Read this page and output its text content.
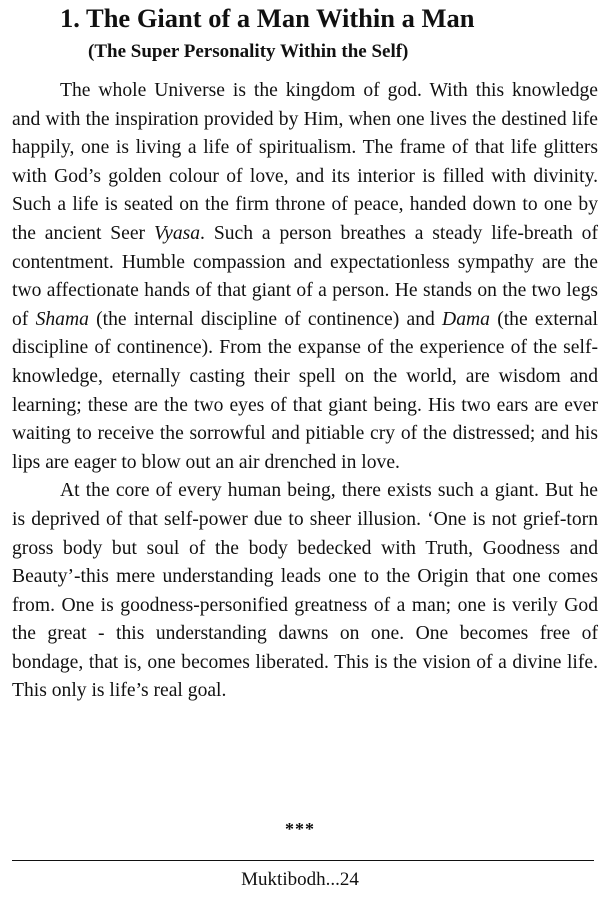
1. The Giant of a Man Within a Man
(The Super Personality Within the Self)

The whole Universe is the kingdom of god. With this knowledge and with the inspiration provided by Him, when one lives the destined life happily, one is living a life of spiritualism. The frame of that life glitters with God’s golden colour of love, and its interior is filled with divinity. Such a life is seated on the firm throne of peace, handed down to one by the ancient Seer Vyasa. Such a person breathes a steady life-breath of contentment. Humble compassion and expectationless sympathy are the two affectionate hands of that giant of a person. He stands on the two legs of Shama (the internal discipline of continence) and Dama (the external discipline of continence). From the expanse of the experience of the self- knowledge, eternally casting their spell on the world, are wisdom and learning; these are the two eyes of that giant being. His two ears are ever waiting to receive the sorrowful and pitiable cry of the distressed; and his lips are eager to blow out an air drenched in love.

At the core of every human being, there exists such a giant. But he is deprived of that self-power due to sheer illusion. ‘One is not grief-torn gross body but soul of the body bedecked with Truth, Goodness and Beauty’-this mere understanding leads one to the Origin that one comes from. One is goodness-personified greatness of a man; one is verily God the great - this understanding dawns on one. One becomes free of bondage, that is, one becomes liberated. This is the vision of a divine life. This only is life’s real goal.

***
Muktibodh...24
